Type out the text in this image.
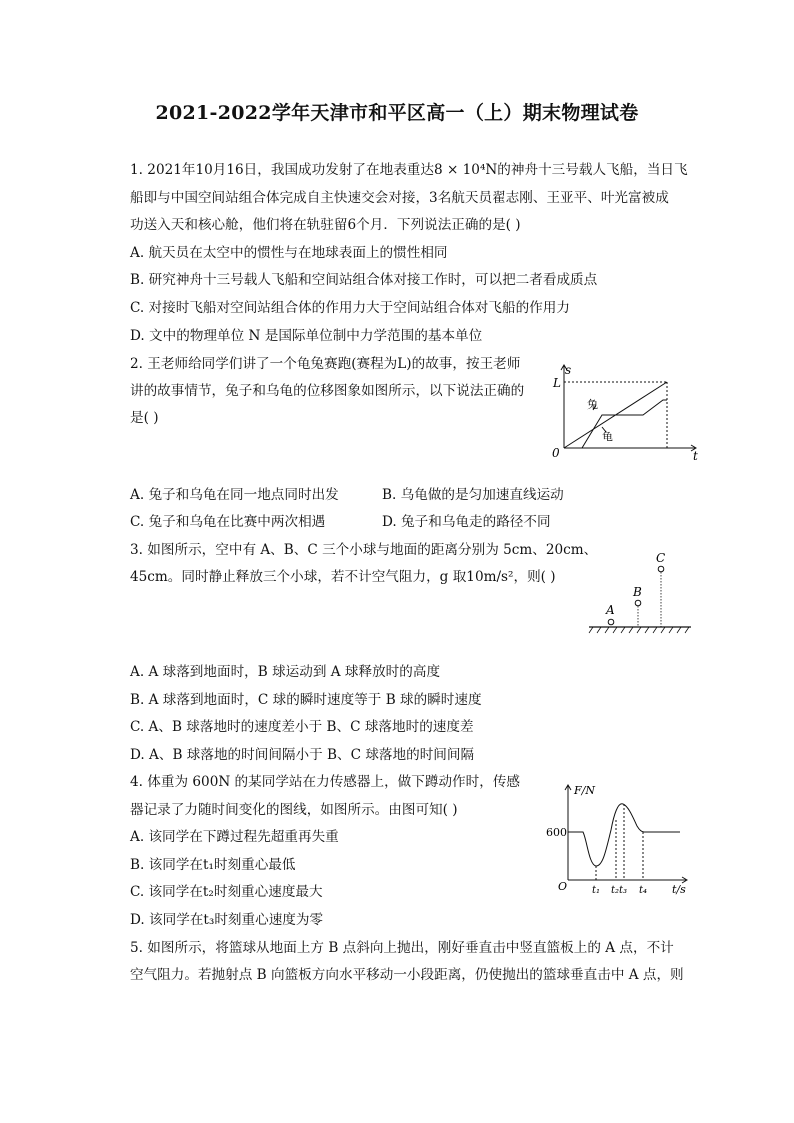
2021-2022学年天津市和平区高一（上）期末物理试卷
1. 2021年10月16日，我国成功发射了在地表重达8 × 10⁴N的神舟十三号载人飞船，当日飞
船即与中国空间站组合体完成自主快速交会对接，3名航天员翟志刚、王亚平、叶光富被成
功送入天和核心舱，他们将在轨驻留6个月．下列说法正确的是( )
A. 航天员在太空中的惯性与在地球表面上的惯性相同
B. 研究神舟十三号载人飞船和空间站组合体对接工作时，可以把二者看成质点
C. 对接时飞船对空间站组合体的作用力大于空间站组合体对飞船的作用力
D. 文中的物理单位 N 是国际单位制中力学范围的基本单位
2. 王老师给同学们讲了一个龟兔赛跑(赛程为L)的故事，按王老师
讲的故事情节，兔子和乌龟的位移图象如图所示，以下说法正确的
是( )
s
L
0	t
兔
龟
A. 兔子和乌龟在同一地点同时出发	B. 乌龟做的是匀加速直线运动
C. 兔子和乌龟在比赛中两次相遇	D. 兔子和乌龟走的路径不同
3. 如图所示，空中有 A、B、C 三个小球与地面的距离分别为 5cm、20cm、
45cm。同时静止释放三个小球，若不计空气阻力，g 取10m/s²，则( )
A
B
C
A. A 球落到地面时，B 球运动到 A 球释放时的高度
B. A 球落到地面时，C 球的瞬时速度等于 B 球的瞬时速度
C. A、B 球落地时的速度差小于 B、C 球落地时的速度差
D. A、B 球落地的时间间隔小于 B、C 球落地的时间间隔
4. 体重为 600N 的某同学站在力传感器上，做下蹲动作时，传感
器记录了力随时间变化的图线，如图所示。由图可知( )
A. 该同学在下蹲过程先超重再失重
B. 该同学在t₁时刻重心最低
C. 该同学在t₂时刻重心速度最大
D. 该同学在t₃时刻重心速度为零
F/N
600
O	t/s
t₁ t₂t₃ t₄
5. 如图所示，将篮球从地面上方 B 点斜向上抛出，刚好垂直击中竖直篮板上的 A 点，不计
空气阻力。若抛射点 B 向篮板方向水平移动一小段距离，仍使抛出的篮球垂直击中 A 点，则
